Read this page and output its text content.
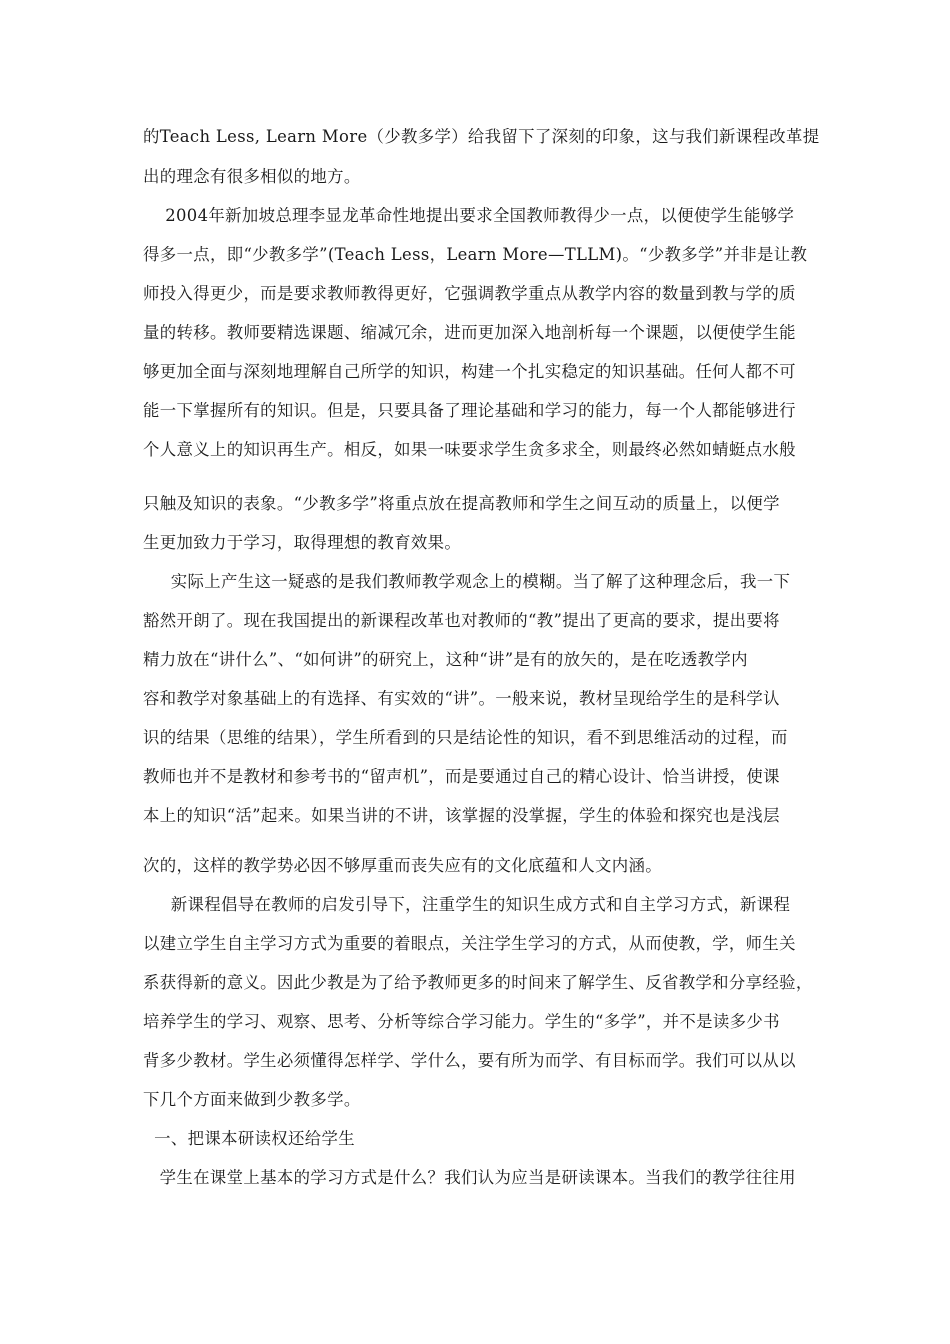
的Teach Less, Learn More（少教多学）给我留下了深刻的印象，这与我们新课程改革提
出的理念有很多相似的地方。
2004年新加坡总理李显龙革命性地提出要求全国教师教得少一点，以便使学生能够学
得多一点，即“少教多学”(Teach Less，Learn More—TLLM)。“少教多学”并非是让教
师投入得更少，而是要求教师教得更好，它强调教学重点从教学内容的数量到教与学的质
量的转移。教师要精选课题、缩减冗余，进而更加深入地剖析每一个课题，以便使学生能
够更加全面与深刻地理解自己所学的知识，构建一个扎实稳定的知识基础。任何人都不可
能一下掌握所有的知识。但是，只要具备了理论基础和学习的能力，每一个人都能够进行
个人意义上的知识再生产。相反，如果一味要求学生贪多求全，则最终必然如蜻蜓点水般
只触及知识的表象。“少教多学”将重点放在提高教师和学生之间互动的质量上，以便学
生更加致力于学习，取得理想的教育效果。
实际上产生这一疑惑的是我们教师教学观念上的模糊。当了解了这种理念后，我一下
豁然开朗了。现在我国提出的新课程改革也对教师的“教”提出了更高的要求，提出要将
精力放在“讲什么”、“如何讲”的研究上，这种“讲”是有的放矢的，是在吃透教学内
容和教学对象基础上的有选择、有实效的“讲”。一般来说，教材呈现给学生的是科学认
识的结果（思维的结果），学生所看到的只是结论性的知识，看不到思维活动的过程，而
教师也并不是教材和参考书的“留声机”，而是要通过自己的精心设计、恰当讲授，使课
本上的知识“活”起来。如果当讲的不讲，该掌握的没掌握，学生的体验和探究也是浅层
次的，这样的教学势必因不够厚重而丧失应有的文化底蕴和人文内涵。
新课程倡导在教师的启发引导下，注重学生的知识生成方式和自主学习方式，新课程
以建立学生自主学习方式为重要的着眼点，关注学生学习的方式，从而使教，学，师生关
系获得新的意义。因此少教是为了给予教师更多的时间来了解学生、反省教学和分享经验，
培养学生的学习、观察、思考、分析等综合学习能力。学生的“多学”，并不是读多少书
背多少教材。学生必须懂得怎样学、学什么，要有所为而学、有目标而学。我们可以从以
下几个方面来做到少教多学。
一、把课本研读权还给学生
学生在课堂上基本的学习方式是什么？我们认为应当是研读课本。当我们的教学往往用
